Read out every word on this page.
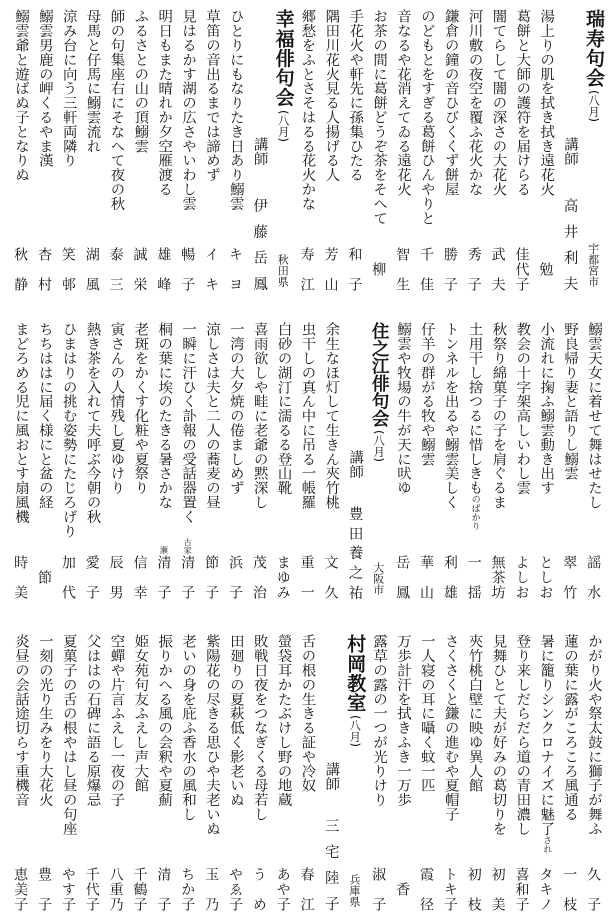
瑞寿句会
(八月)
宇都宮市
講師
高
井
利
夫
湯上りの肌を拭き拭き遠花火
勉
葛餅と大師の護符を届けらる
佳
代
子
闇てらして闇の深さの大花火
武
夫
河川敷の夜空を覆ふ花火かな
秀
子
鎌倉の鐘の音ひびくくず餅屋
勝
子
のどもとをすぎる葛餅ひんやりと
千
佳
音なるや花消えてゐる遠花火
智
生
お茶の間に葛餅どうぞ茶をそへて
柳
手花火や軒先に孫集ひたる
和
子
隅田川花火見る人揚げる人
芳
山
郷愁をふとさそはるる花火かな
寿
江
幸福俳句会
(八月)
秋田県
講師
伊
藤
岳
鳳
ひとりにもなりたき日あり鰯雲
キ
ヨ
草笛の音出るまでは諦めず
イ
キ
見はるかす湖の広さやいわし雲
暢
子
明日もまた晴れか夕空雁渡る
雄
峰
ふるさとの山の頂鰯雲
誠
栄
師の句集座右にそなへて夜の秋
泰
三
母馬と仔馬に鰯雲流れ
湖
風
涼み台に向う三軒両隣り
笑
邨
鰯雲男鹿の岬くるやま漢
杏
村
鰯雲爺と遊ばぬ子となりぬ
秋
静
鰯雲天女に着せて舞はせたし
謡
水
野良帰り妻と語りし鰯雲
翠
竹
小流れに掬ふ鰯雲動き出す
と
し
お
教会の十字架高しいわし雲
よ
し
お
秋祭り綿菓子の子を肩ぐるま
無
茶
坊
土用干し捨つるに惜しきものばかり
一
揺
トンネルを出るや鰯雲美しく
利
雄
仔羊の群がる牧や鰯雲
華
山
鰯雲や牧場の牛が天に吠ゆ
岳
鳳
住之江俳句会
(八月)
大阪市
講師
豊
田
養
之
祐
余生なほ灯して生きん夾竹桃
文
久
虫干しの真ん中に吊る一帳羅
重
一
白砂の湖汀に濡るる登山靴
ま
ゆ
み
喜雨欲しや畦に老爺の黙深し
茂
治
一湾の大夕焼の倦ましめず
浜
子
涼しさは夫と二人の蕎麦の昼
節
子
一瞬に汗ひく訃報の受話器置く
古家
清
子
桐の葉に埃のたきる暑さかな
瀬
清
子
老斑をかくす化粧や夏祭り
信
幸
寅さんの人情残し夏ゆけり
辰
男
熱き茶を入れて夫呼ぶ今朝の秋
愛
子
ひまはりの挑む姿勢にたじろげり
加
代
ちちははに届く様にと盆の経
節
まどろめる児に風おとす扇風機
時
美
かがり火や祭太鼓に獅子が舞ふ
久
子
蓮の葉に露がころころ風通る
一
枝
暑に籠りシンクロナイズに魅了され
タ
キ
ノ
登り来しだらだら道の青田濃し
喜
和
子
見舞ひとて夫が好みの葛切りを
初
美
夾竹桃白壁に映ゆ異人館
初
枝
さくさくと鎌の進むや夏帽子
ト
キ
子
一人寝の耳に囁く蚊一匹
霞
径
万歩計汗を拭きふき一万歩
香
露草の露の一つが光りけり
淑
子
村岡教室
(八月)
兵庫県
講師
三
宅
陸
子
舌の根の生きる証や冷奴
春
江
螢袋耳かたぶけし野の地蔵
あ
や
子
敗戦日夜をつなぎくる母若し
う
め
田廻りの夏萩低く影老いぬ
や
ゑ
子
紫陽花の尽きる思ひや夫老いぬ
玉
乃
老いの身を庇ふ香水の風和し
ち
か
子
振りかへる風の会釈や夏薊
清
子
姫女苑句友ふえし声大館
千
鶴
子
空蟬や片言ふえし一夜の子
八
重
乃
父ははの石碑に語る原爆忌
千
代
子
夏菓子の舌の根やはし昼の句座
や
す
子
一刻の光り生みをり大花火
豊
子
炎昼の会話途切らす重機音
恵
美
子
